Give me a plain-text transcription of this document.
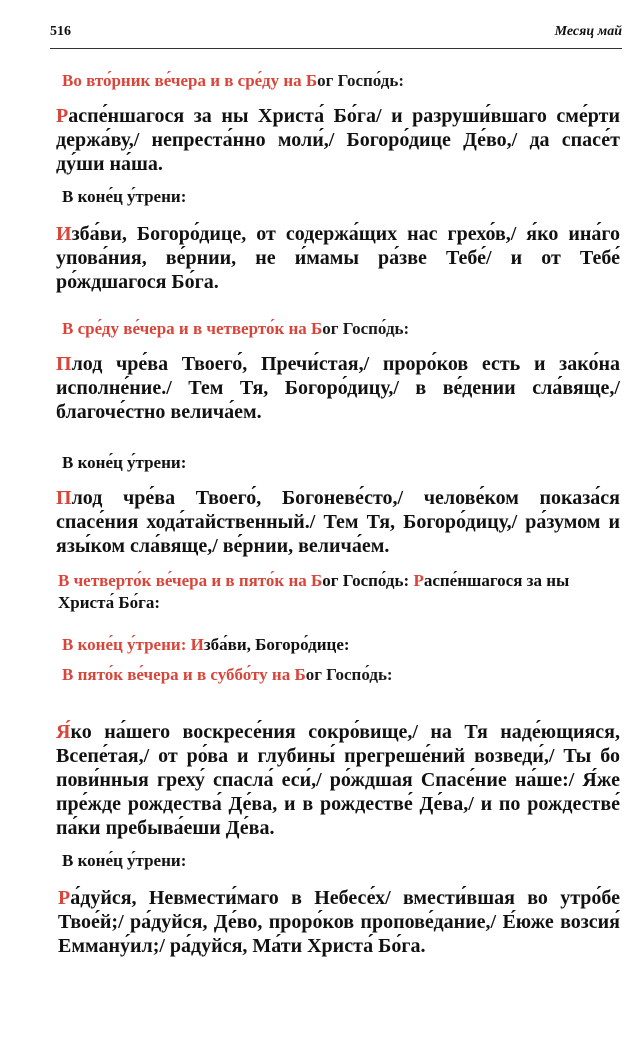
516	Месяц май

Во вто́рник ве́чера и в сре́ду на Бог Госпо́дь:

Распе́ншагося за ны Христа́ Бо́га/ и разруши́вшаго сме́рти держа́ву,/ непреста́нно моли́,/ Богоро́дице Де́во,/ да спасе́т ду́ши на́ша.

В коне́ц у́трени:

Изба́ви, Богоро́дице, от содержа́щих нас грехо́в,/ я́ко ина́го упова́ния, ве́рнии, не и́мамы ра́зве Тебе́/ и от Тебе́ ро́ждшагося Бо́га.

В сре́ду ве́чера и в четверто́к на Бог Госпо́дь:

Плод чре́ва Твоего́, Пречи́стая,/ проро́ков есть и зако́на исполне́ние./ Тем Тя, Богоро́дицу,/ в ве́дении сла́вяще,/ благоче́стно велича́ем.

В коне́ц у́трени:

Плод чре́ва Твоего́, Богоневе́сто,/ челове́ком показа́ся спасе́ния хода́тайственный./ Тем Тя, Богоро́дицу,/ ра́зумом и язы́ком сла́вяще,/ ве́рнии, велича́ем.

В четверто́к ве́чера и в пято́к на Бог Госпо́дь: Распе́ншагося за ны Христа́ Бо́га:

В коне́ц у́трени: Изба́ви, Богоро́дице:

В пято́к ве́чера и в суббо́ту на Бог Госпо́дь:

Я́ко на́шего воскресе́ния сокро́вище,/ на Тя наде́ющияся, Всепе́тая,/ от ро́ва и глубины́ прегреше́ний возведи́,/ Ты бо пови́нныя греху́ спасла́ еси́,/ ро́ждшая Спасе́ние на́ше:/ Я́же пре́жде рождества́ Де́ва, и в рождестве́ Де́ва,/ и по рождестве́ па́ки пребыва́еши Де́ва.

В коне́ц у́трени:

Ра́дуйся, Невмести́маго в Небесе́х/ вмести́вшая во утро́бе Твое́й;/ ра́дуйся, Де́во, проро́ков пропове́дание,/ Е́юже возсия́ Емману́ил;/ ра́дуйся, Ма́ти Христа́ Бо́га.
